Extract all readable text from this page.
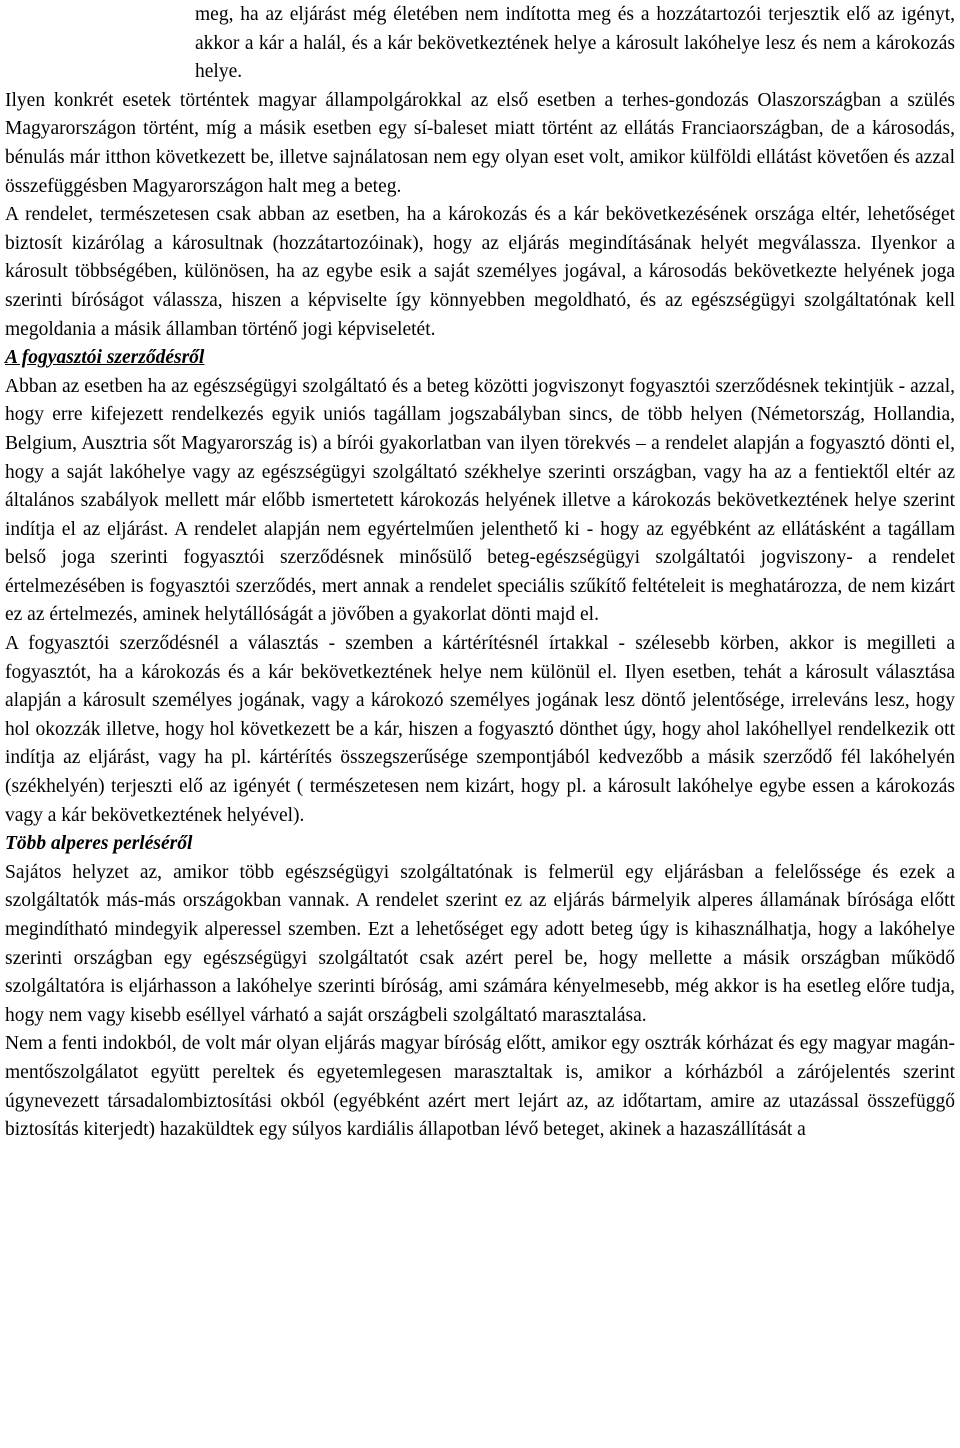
meg, ha az eljárást még életében nem indította meg és a hozzátartozói terjesztik elő az igényt, akkor a kár a halál, és a kár bekövetkeztének helye a károsult lakóhelye lesz és nem a károkozás helye.

Ilyen konkrét esetek történtek magyar állampolgárokkal az első esetben a terhes-gondozás Olaszországban a szülés Magyarországon történt, míg a másik esetben egy sí-baleset miatt történt az ellátás Franciaországban, de a károsodás, bénulás már itthon következett be, illetve sajnálatosan nem egy olyan eset volt, amikor külföldi ellátást követően és azzal összefüggésben Magyarországon halt meg a beteg.

A rendelet, természetesen csak abban az esetben, ha a károkozás és a kár bekövetkezésének országa eltér, lehetőséget biztosít kizárólag a károsultnak (hozzátartozóinak), hogy az eljárás megindításának helyét megválassza. Ilyenkor a károsult többségében, különösen, ha az egybe esik a saját személyes jogával, a károsodás bekövetkezte helyének joga szerinti bíróságot válassza, hiszen a képviselte így könnyebben megoldható, és az egészségügyi szolgáltatónak kell megoldania a másik államban történő jogi képviseletét.

A fogyasztói szerződésről

Abban az esetben ha az egészségügyi szolgáltató és a beteg közötti jogviszonyt fogyasztói szerződésnek tekintjük - azzal, hogy erre kifejezett rendelkezés egyik uniós tagállam jogszabályban sincs, de több helyen (Németország, Hollandia, Belgium, Ausztria sőt Magyarország is) a bírói gyakorlatban van ilyen törekvés – a rendelet alapján a fogyasztó dönti el, hogy a saját lakóhelye vagy az egészségügyi szolgáltató székhelye szerinti országban, vagy ha az a fentiektől eltér az általános szabályok mellett már előbb ismertetett károkozás helyének illetve a károkozás bekövetkeztének helye szerint indítja el az eljárást. A rendelet alapján nem egyértelműen jelenthető ki - hogy az egyébként az ellátásként a tagállam belső joga szerinti fogyasztói szerződésnek minősülő beteg-egészségügyi szolgáltatói jogviszony- a rendelet értelmezésében is fogyasztói szerződés, mert annak a rendelet speciális szűkítő feltételeit is meghatározza, de nem kizárt ez az értelmezés, aminek helytállóságát a jövőben a gyakorlat dönti majd el.

A fogyasztói szerződésnél a választás - szemben a kártérítésnél írtakkal - szélesebb körben, akkor is megilleti a fogyasztót, ha a károkozás és a kár bekövetkeztének helye nem különül el. Ilyen esetben, tehát a károsult választása alapján a károsult személyes jogának, vagy a károkozó személyes jogának lesz döntő jelentősége, irreleváns lesz, hogy hol okozzák illetve, hogy hol következett be a kár, hiszen a fogyasztó dönthet úgy, hogy ahol lakóhellyel rendelkezik ott indítja az eljárást, vagy ha pl. kártérítés összegszerűsége szempontjából kedvezőbb a másik szerződő fél lakóhelyén (székhelyén) terjeszti elő az igényét ( természetesen nem kizárt, hogy pl. a károsult lakóhelye egybe essen a károkozás vagy a kár bekövetkeztének helyével).

Több alperes perléséről

Sajátos helyzet az, amikor több egészségügyi szolgáltatónak is felmerül egy eljárásban a felelőssége és ezek a szolgáltatók más-más országokban vannak. A rendelet szerint ez az eljárás bármelyik alperes államának bírósága előtt megindítható mindegyik alperessel szemben. Ezt a lehetőséget egy adott beteg úgy is kihasználhatja, hogy a lakóhelye szerinti országban egy egészségügyi szolgáltatót csak azért perel be, hogy mellette a másik országban működő szolgáltatóra is eljárhasson a lakóhelye szerinti bíróság, ami számára kényelmesebb, még akkor is ha esetleg előre tudja, hogy nem vagy kisebb eséllyel várható a saját országbeli szolgáltató marasztalása.

Nem a fenti indokból, de volt már olyan eljárás magyar bíróság előtt, amikor egy osztrák kórházat és egy magyar magán-mentőszolgálatot együtt pereltek és egyetemlegesen marasztaltak is, amikor a kórházból a zárójelentés szerint úgynevezett társadalombiztosítási okból (egyébként azért mert lejárt az, az időtartam, amire az utazással összefüggő biztosítás kiterjedt) hazaküldtek egy súlyos kardiális állapotban lévő beteget, akinek a hazaszállítását a
